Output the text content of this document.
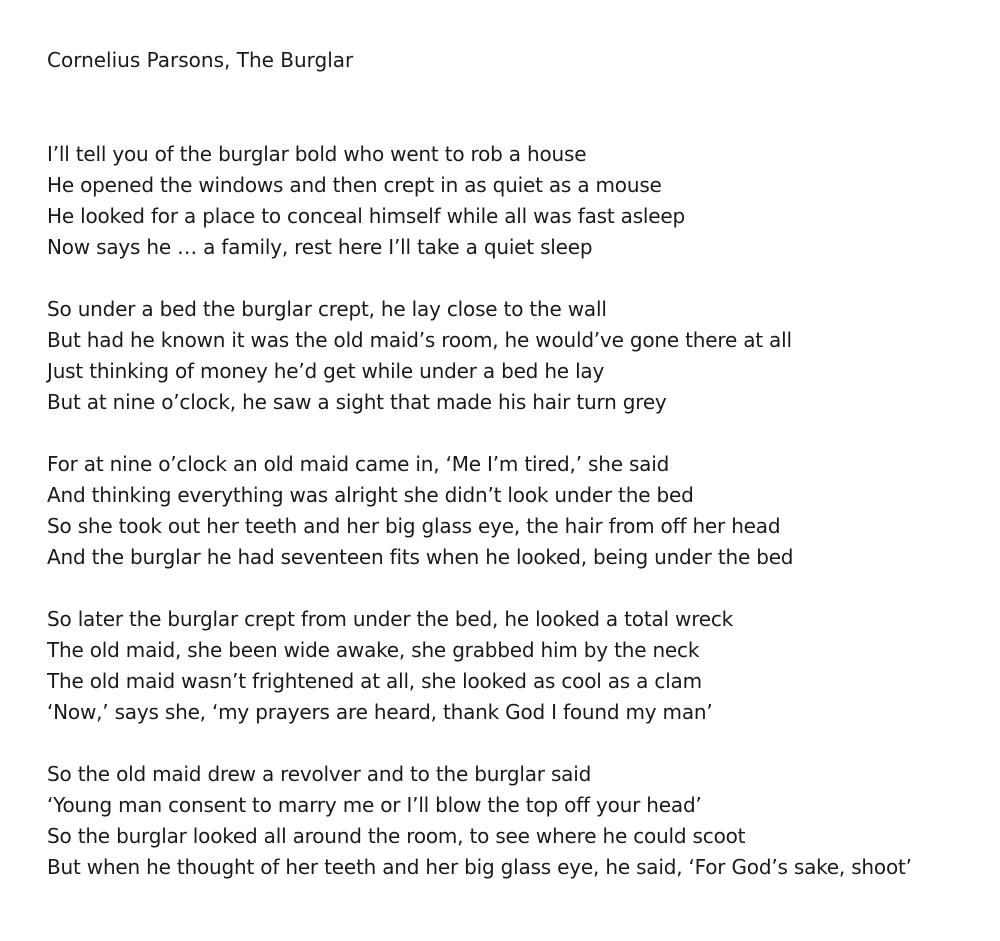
Cornelius Parsons, The Burglar
I’ll tell you of the burglar bold who went to rob a house
He opened the windows and then crept in as quiet as a mouse
He looked for a place to conceal himself while all was fast asleep
Now says he … a family, rest here I’ll take a quiet sleep
So under a bed the burglar crept, he lay close to the wall
But had he known it was the old maid’s room, he would’ve gone there at all
Just thinking of money he’d get while under a bed he lay
But at nine o’clock, he saw a sight that made his hair turn grey
For at nine o’clock an old maid came in, ‘Me I’m tired,’ she said
And thinking everything was alright she didn’t look under the bed
So she took out her teeth and her big glass eye, the hair from off her head
And the burglar he had seventeen fits when he looked, being under the bed
So later the burglar crept from under the bed, he looked a total wreck
The old maid, she been wide awake, she grabbed him by the neck
The old maid wasn’t frightened at all, she looked as cool as a clam
‘Now,’ says she, ‘my prayers are heard, thank God I found my man’
So the old maid drew a revolver and to the burglar said
‘Young man consent to marry me or I’ll blow the top off your head’
So the burglar looked all around the room, to see where he could scoot
But when he thought of her teeth and her big glass eye, he said, ‘For God’s sake, shoot’
